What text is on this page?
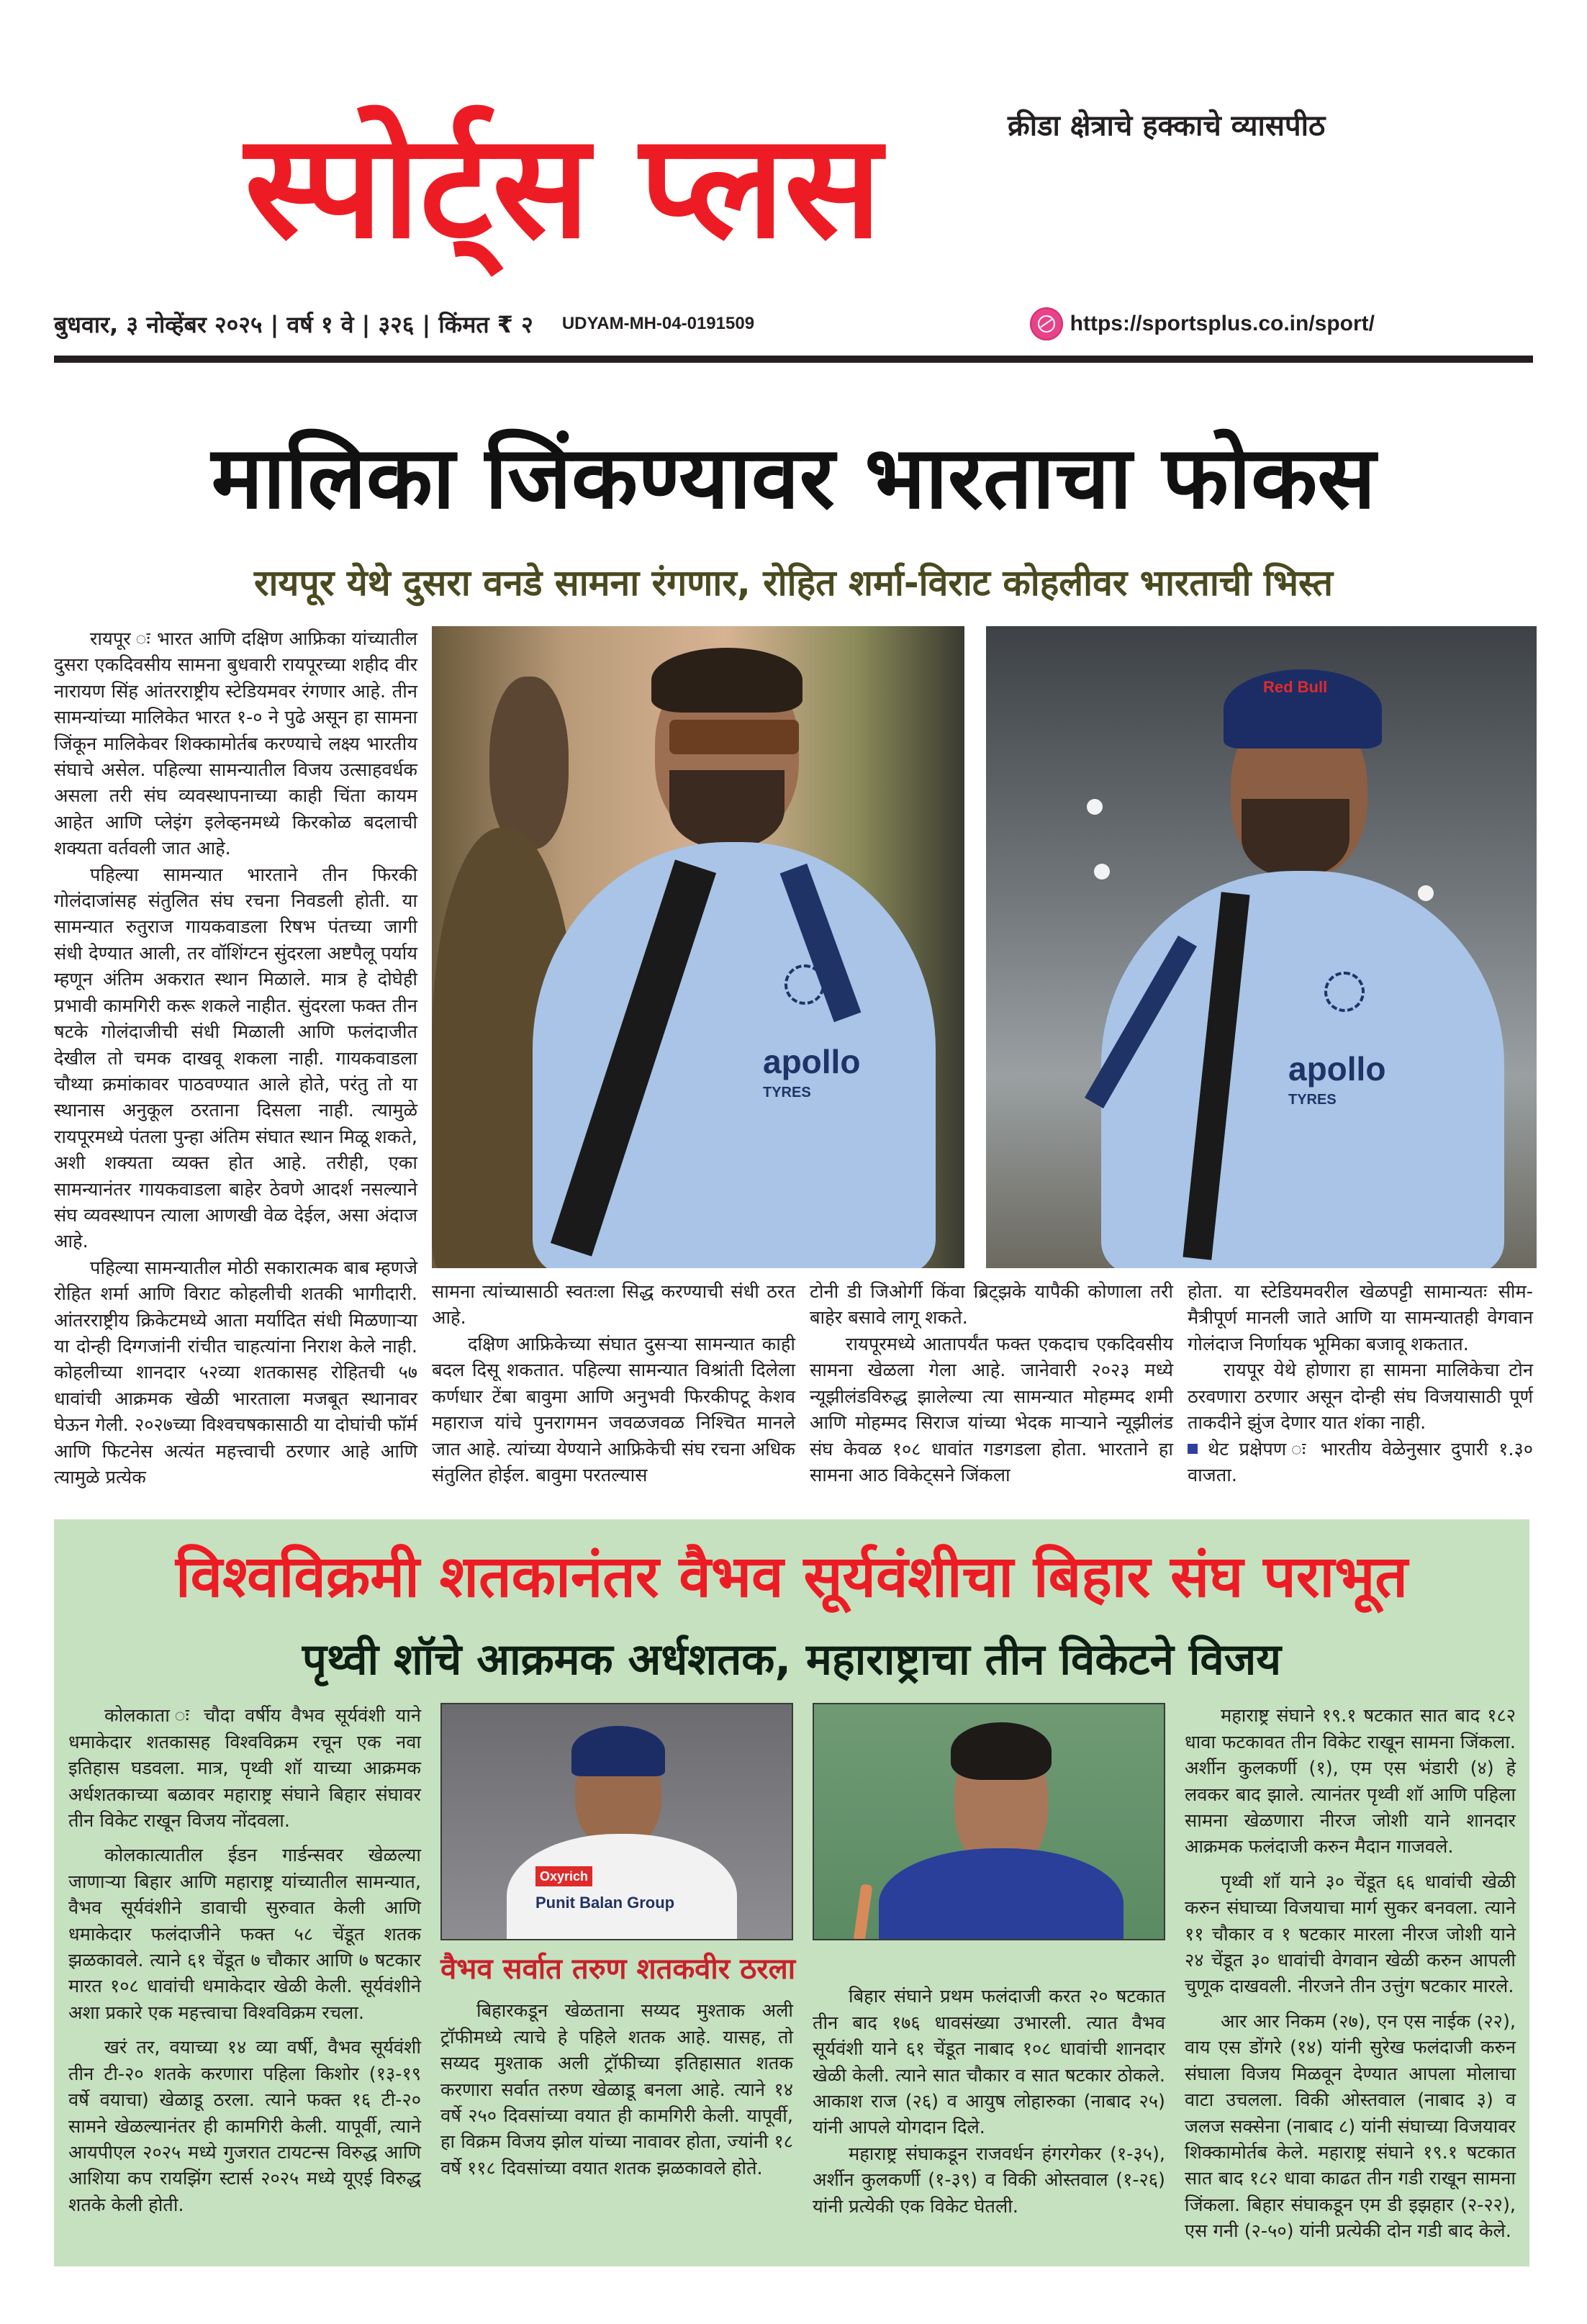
स्पोर्ट्स प्लस	क्रीडा क्षेत्राचे हक्काचे व्यासपीठ
बुधवार, ३ नोव्हेंबर २०२५ | वर्ष १ वे | ३२६ | किंमत ₹ २ UDYAM-MH-04-0191509	https://sportsplus.co.in/sport/
मालिका जिंकण्यावर भारताचा फोकस
रायपूर येथे दुसरा वनडे सामना रंगणार, रोहित शर्मा-विराट कोहलीवर भारताची भिस्त

रायपूर ः भारत आणि दक्षिण आफ्रिका यांच्यातील दुसरा एकदिवसीय सामना बुधवारी रायपूरच्या शहीद वीर नारायण सिंह आंतरराष्ट्रीय स्टेडियमवर रंगणार आहे. तीन सामन्यांच्या मालिकेत भारत १-० ने पुढे असून हा सामना जिंकून मालिकेवर शिक्कामोर्तब करण्याचे लक्ष्य भारतीय संघाचे असेल. पहिल्या सामन्यातील विजय उत्साहवर्धक असला तरी संघ व्यवस्थापनाच्या काही चिंता कायम आहेत आणि प्लेइंग इलेव्हनमध्ये किरकोळ बदलाची शक्यता वर्तवली जात आहे.

पहिल्या सामन्यात भारताने तीन फिरकी गोलंदाजांसह संतुलित संघ रचना निवडली होती. या सामन्यात रुतुराज गायकवाडला रिषभ पंतच्या जागी संधी देण्यात आली, तर वॉशिंग्टन सुंदरला अष्टपैलू पर्याय म्हणून अंतिम अकरात स्थान मिळाले. मात्र हे दोघेही प्रभावी कामगिरी करू शकले नाहीत. सुंदरला फक्त तीन षटके गोलंदाजीची संधी मिळाली आणि फलंदाजीत देखील तो चमक दाखवू शकला नाही. गायकवाडला चौथ्या क्रमांकावर पाठवण्यात आले होते, परंतु तो या स्थानास अनुकूल ठरताना दिसला नाही. त्यामुळे रायपूरमध्ये पंतला पुन्हा अंतिम संघात स्थान मिळू शकते, अशी शक्यता व्यक्त होत आहे. तरीही, एका सामन्यानंतर गायकवाडला बाहेर ठेवणे आदर्श नसल्याने संघ व्यवस्थापन त्याला आणखी वेळ देईल, असा अंदाज आहे.

पहिल्या सामन्यातील मोठी सकारात्मक बाब म्हणजे रोहित शर्मा आणि विराट कोहलीची शतकी भागीदारी. आंतरराष्ट्रीय क्रिकेटमध्ये आता मर्यादित संधी मिळणाऱ्या या दोन्ही दिग्गजांनी रांचीत चाहत्यांना निराश केले नाही. कोहलीच्या शानदार ५२व्या शतकासह रोहितची ५७ धावांची आक्रमक खेळी भारताला मजबूत स्थानावर घेऊन गेली. २०२७च्या विश्वचषकासाठी या दोघांची फॉर्म आणि फिटनेस अत्यंत महत्त्वाची ठरणार आहे आणि त्यामुळे प्रत्येक

apollo
TYRES
Red Bull
apollo
TYRES

सामना त्यांच्यासाठी स्वतःला सिद्ध करण्याची संधी ठरत आहे.

दक्षिण आफ्रिकेच्या संघात दुसऱ्या सामन्यात काही बदल दिसू शकतात. पहिल्या सामन्यात विश्रांती दिलेला कर्णधार टेंबा बावुमा आणि अनुभवी फिरकीपटू केशव महाराज यांचे पुनरागमन जवळजवळ निश्चित मानले जात आहे. त्यांच्या येण्याने आफ्रिकेची संघ रचना अधिक संतुलित होईल. बावुमा परतल्यास

टोनी डी जिओर्गी किंवा ब्रिट्झके यापैकी कोणाला तरी बाहेर बसावे लागू शकते.

रायपूरमध्ये आतापर्यंत फक्त एकदाच एकदिवसीय सामना खेळला गेला आहे. जानेवारी २०२३ मध्ये न्यूझीलंडविरुद्ध झालेल्या त्या सामन्यात मोहम्मद शमी आणि मोहम्मद सिराज यांच्या भेदक माऱ्याने न्यूझीलंड संघ केवळ १०८ धावांत गडगडला होता. भारताने हा सामना आठ विकेट्सने जिंकला

होता. या स्टेडियमवरील खेळपट्टी सामान्यतः सीम-मैत्रीपूर्ण मानली जाते आणि या सामन्यातही वेगवान गोलंदाज निर्णायक भूमिका बजावू शकतात.

रायपूर येथे होणारा हा सामना मालिकेचा टोन ठरवणारा ठरणार असून दोन्ही संघ विजयासाठी पूर्ण ताकदीने झुंज देणार यात शंका नाही.

थेट प्रक्षेपण ः भारतीय वेळेनुसार दुपारी १.३० वाजता.

विश्वविक्रमी शतकानंतर वैभव सूर्यवंशीचा बिहार संघ पराभूत
पृथ्वी शॉचे आक्रमक अर्धशतक, महाराष्ट्राचा तीन विकेटने विजय

कोलकाता ः चौदा वर्षीय वैभव सूर्यवंशी याने धमाकेदार शतकासह विश्वविक्रम रचून एक नवा इतिहास घडवला. मात्र, पृथ्वी शॉ याच्या आक्रमक अर्धशतकाच्या बळावर महाराष्ट्र संघाने बिहार संघावर तीन विकेट राखून विजय नोंदवला.

कोलकात्यातील ईडन गार्डन्सवर खेळल्या जाणाऱ्या बिहार आणि महाराष्ट्र यांच्यातील सामन्यात, वैभव सूर्यवंशीने डावाची सुरुवात केली आणि धमाकेदार फलंदाजीने फक्त ५८ चेंडूत शतक झळकावले. त्याने ६१ चेंडूत ७ चौकार आणि ७ षटकार मारत १०८ धावांची धमाकेदार खेळी केली. सूर्यवंशीने अशा प्रकारे एक महत्त्वाचा विश्वविक्रम रचला.

खरं तर, वयाच्या १४ व्या वर्षी, वैभव सूर्यवंशी तीन टी-२० शतके करणारा पहिला किशोर (१३-१९ वर्षे वयाचा) खेळाडू ठरला. त्याने फक्त १६ टी-२० सामने खेळल्यानंतर ही कामगिरी केली. यापूर्वी, त्याने आयपीएल २०२५ मध्ये गुजरात टायटन्स विरुद्ध आणि आशिया कप रायझिंग स्टार्स २०२५ मध्ये यूएई विरुद्ध शतके केली होती.

Oxyrich
Punit Balan Group
वैभव सर्वात तरुण शतकवीर ठरला

बिहारकडून खेळताना सय्यद मुश्ताक अली ट्रॉफीमध्ये त्याचे हे पहिले शतक आहे. यासह, तो सय्यद मुश्ताक अली ट्रॉफीच्या इतिहासात शतक करणारा सर्वात तरुण खेळाडू बनला आहे. त्याने १४ वर्षे २५० दिवसांच्या वयात ही कामगिरी केली. यापूर्वी, हा विक्रम विजय झोल यांच्या नावावर होता, ज्यांनी १८ वर्षे ११८ दिवसांच्या वयात शतक झळकावले होते.

बिहार संघाने प्रथम फलंदाजी करत २० षटकात तीन बाद १७६ धावसंख्या उभारली. त्यात वैभव सूर्यवंशी याने ६१ चेंडूत नाबाद १०८ धावांची शानदार खेळी केली. त्याने सात चौकार व सात षटकार ठोकले. आकाश राज (२६) व आयुष लोहारुका (नाबाद २५) यांनी आपले योगदान दिले.

महाराष्ट्र संघाकडून राजवर्धन हंगरगेकर (१-३५), अर्शीन कुलकर्णी (१-३९) व विकी ओस्तवाल (१-२६) यांनी प्रत्येकी एक विकेट घेतली.

महाराष्ट्र संघाने १९.१ षटकात सात बाद १८२ धावा फटकावत तीन विकेट राखून सामना जिंकला. अर्शीन कुलकर्णी (१), एम एस भंडारी (४) हे लवकर बाद झाले. त्यानंतर पृथ्वी शॉ आणि पहिला सामना खेळणारा नीरज जोशी याने शानदार आक्रमक फलंदाजी करुन मैदान गाजवले.

पृथ्वी शॉ याने ३० चेंडूत ६६ धावांची खेळी करुन संघाच्या विजयाचा मार्ग सुकर बनवला. त्याने ११ चौकार व १ षटकार मारला नीरज जोशी याने २४ चेंडूत ३० धावांची वेगवान खेळी करुन आपली चुणूक दाखवली. नीरजने तीन उत्तुंग षटकार मारले.

आर आर निकम (२७), एन एस नाईक (२२), वाय एस डोंगरे (१४) यांनी सुरेख फलंदाजी करुन संघाला विजय मिळवून देण्यात आपला मोलाचा वाटा उचलला. विकी ओस्तवाल (नाबाद ३) व जलज सक्सेना (नाबाद ८) यांनी संघाच्या विजयावर शिक्कामोर्तब केले. महाराष्ट्र संघाने १९.१ षटकात सात बाद १८२ धावा काढत तीन गडी राखून सामना जिंकला. बिहार संघाकडून एम डी इझहार (२-२२), एस गनी (२-५०) यांनी प्रत्येकी दोन गडी बाद केले.
